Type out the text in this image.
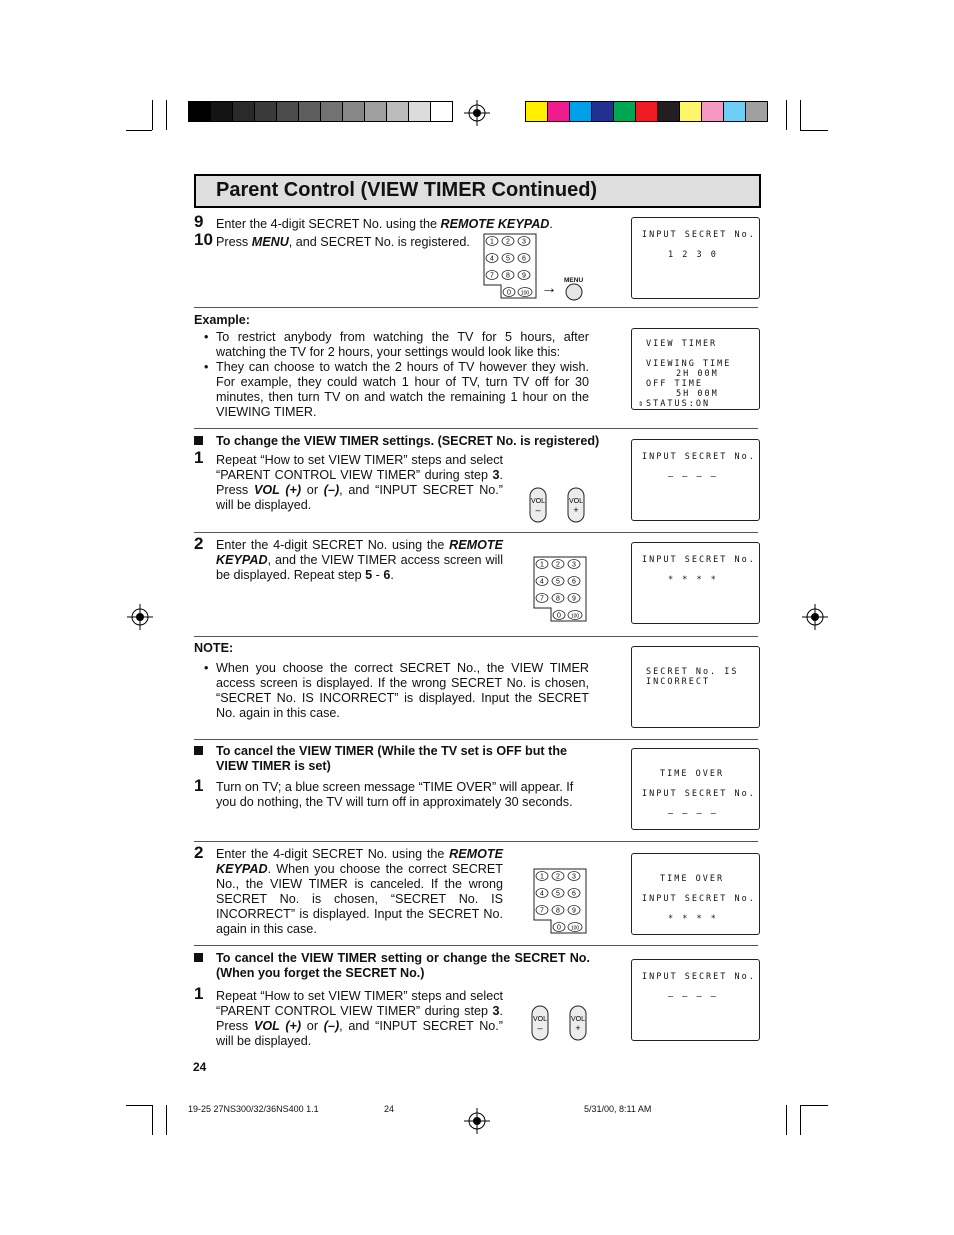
Parent Control (VIEW TIMER Continued)
9
10
Enter the 4-digit SECRET No. using the REMOTE KEYPAD.
Press MENU, and SECRET No. is registered.	1 2 3
4 5 6
7 8 9
0 100 → MENU

INPUT SECRET No.

1 2 3 0

Example:
• To restrict anybody from watching the TV for 5 hours, after watching the TV for 2 hours, your settings would look like this:
• They can choose to watch the 2 hours of TV however they wish. For example, they could watch 1 hour of TV, turn TV off for 30 minutes, then turn TV on and watch the remaining 1 hour on the VIEWING TIMER.

VIEW TIMER

VIEWING TIME

2H 00M

OFF TIME

5H 00M

⇕

STATUS:ON

To change the VIEW TIMER settings. (SECRET No. is registered)
1 Repeat “How to set VIEW TIMER” steps and select “PARENT CONTROL VIEW TIMER” during step 3. Press VOL (+) or (–), and “INPUT SECRET No.” will be displayed.	VOL
–
VOL
+

INPUT SECRET No.

– – – –

2 Enter the 4-digit SECRET No. using the REMOTE KEYPAD, and the VIEW TIMER access screen will be displayed. Repeat step 5 - 6.
1 2 3
4 5 6
7 8 9
0 100

INPUT SECRET No.

* * * *

NOTE:
• When you choose the correct SECRET No., the VIEW TIMER access screen is displayed. If the wrong SECRET No. is chosen, “SECRET No. IS INCORRECT” is displayed. Input the SECRET No. again in this case.

SECRET No. IS

INCORRECT

To cancel the VIEW TIMER (While the TV set is OFF but the VIEW TIMER is set)
1 Turn on TV; a blue screen message “TIME OVER” will appear. If you do nothing, the TV will turn off in approximately 30 seconds.

TIME OVER

INPUT SECRET No.

– – – –

2 Enter the 4-digit SECRET No. using the REMOTE KEYPAD. When you choose the correct SECRET No., the VIEW TIMER is canceled. If the wrong SECRET No. is chosen, “SECRET No. IS INCORRECT” is displayed. Input the SECRET No. again in this case.
1 2 3
4 5 6
7 8 9
0 100

TIME OVER

INPUT SECRET No.

* * * *

To cancel the VIEW TIMER setting or change the SECRET No. (When you forget the SECRET No.)
1 Repeat “How to set VIEW TIMER” steps and select “PARENT CONTROL VIEW TIMER” during step 3. Press VOL (+) or (–), and “INPUT SECRET No.” will be displayed.
VOL
–
VOL
+

INPUT SECRET No.

– – – –

24
19-25 27NS300/32/36NS400 1.1	24	5/31/00, 8:11 AM
